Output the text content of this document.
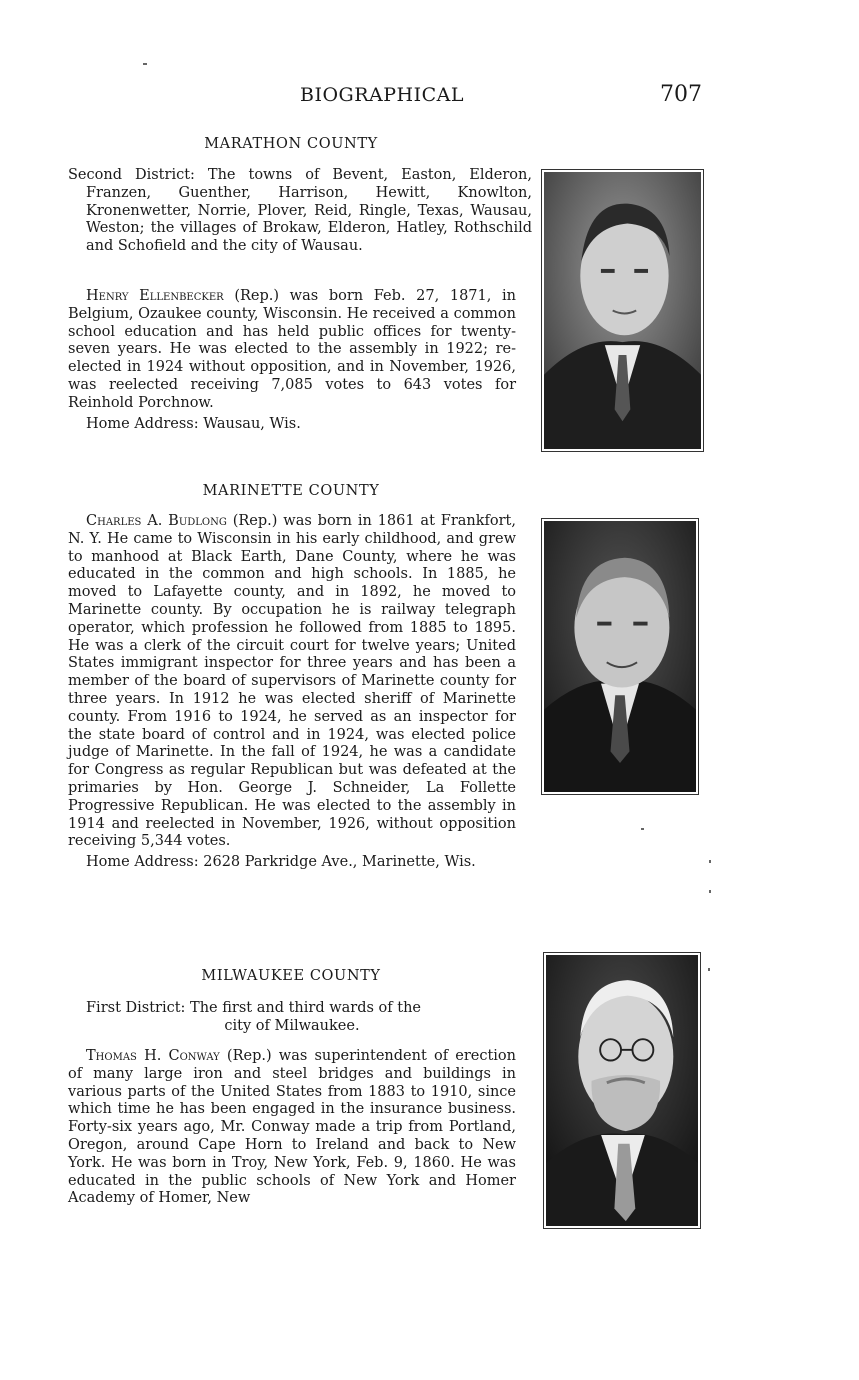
BIOGRAPHICAL	707
MARATHON COUNTY
Second District: The towns of Bevent, Easton, Elderon, Franzen, Guenther, Harrison, Hewitt, Knowlton, Kronenwetter, Norrie, Plover, Reid, Ringle, Texas, Wausau, Weston; the villages of Brokaw, Elderon, Hatley, Rothschild and Schofield and the city of Wausau.

Henry Ellenbecker (Rep.) was born Feb. 27, 1871, in Belgium, Ozaukee county, Wisconsin. He received a common school education and has held public offices for twenty-seven years. He was elected to the assembly in 1922; re-elected in 1924 without opposition, and in November, 1926, was reelected receiving 7,085 votes to 643 votes for Reinhold Porchnow.

Home Address: Wausau, Wis.

MARINETTE COUNTY

Charles A. Budlong (Rep.) was born in 1861 at Frankfort, N. Y. He came to Wisconsin in his early childhood, and grew to manhood at Black Earth, Dane County, where he was educated in the common and high schools. In 1885, he moved to Lafayette county, and in 1892, he moved to Marinette county. By occupation he is railway telegraph operator, which profession he followed from 1885 to 1895. He was a clerk of the circuit court for twelve years; United States immigrant inspector for three years and has been a member of the board of supervisors of Marinette county for three years. In 1912 he was elected sheriff of Marinette county. From 1916 to 1924, he served as an inspector for the state board of control and in 1924, was elected police judge of Marinette. In the fall of 1924, he was a candidate for Congress as regular Republican but was defeated at the primaries by Hon. George J. Schneider, La Follette Progressive Republican. He was elected to the assembly in 1914 and reelected in November, 1926, without opposition receiving 5,344 votes.

Home Address: 2628 Parkridge Ave., Marinette, Wis.

MILWAUKEE COUNTY

First District: The first and third wards of the

city of Milwaukee.

Thomas H. Conway (Rep.) was superintendent of erection of many large iron and steel bridges and buildings in various parts of the United States from 1883 to 1910, since which time he has been engaged in the insurance business. Forty-six years ago, Mr. Conway made a trip from Portland, Oregon, around Cape Horn to Ireland and back to New York. He was born in Troy, New York, Feb. 9, 1860. He was educated in the public schools of New York and Homer Academy of Homer, New
